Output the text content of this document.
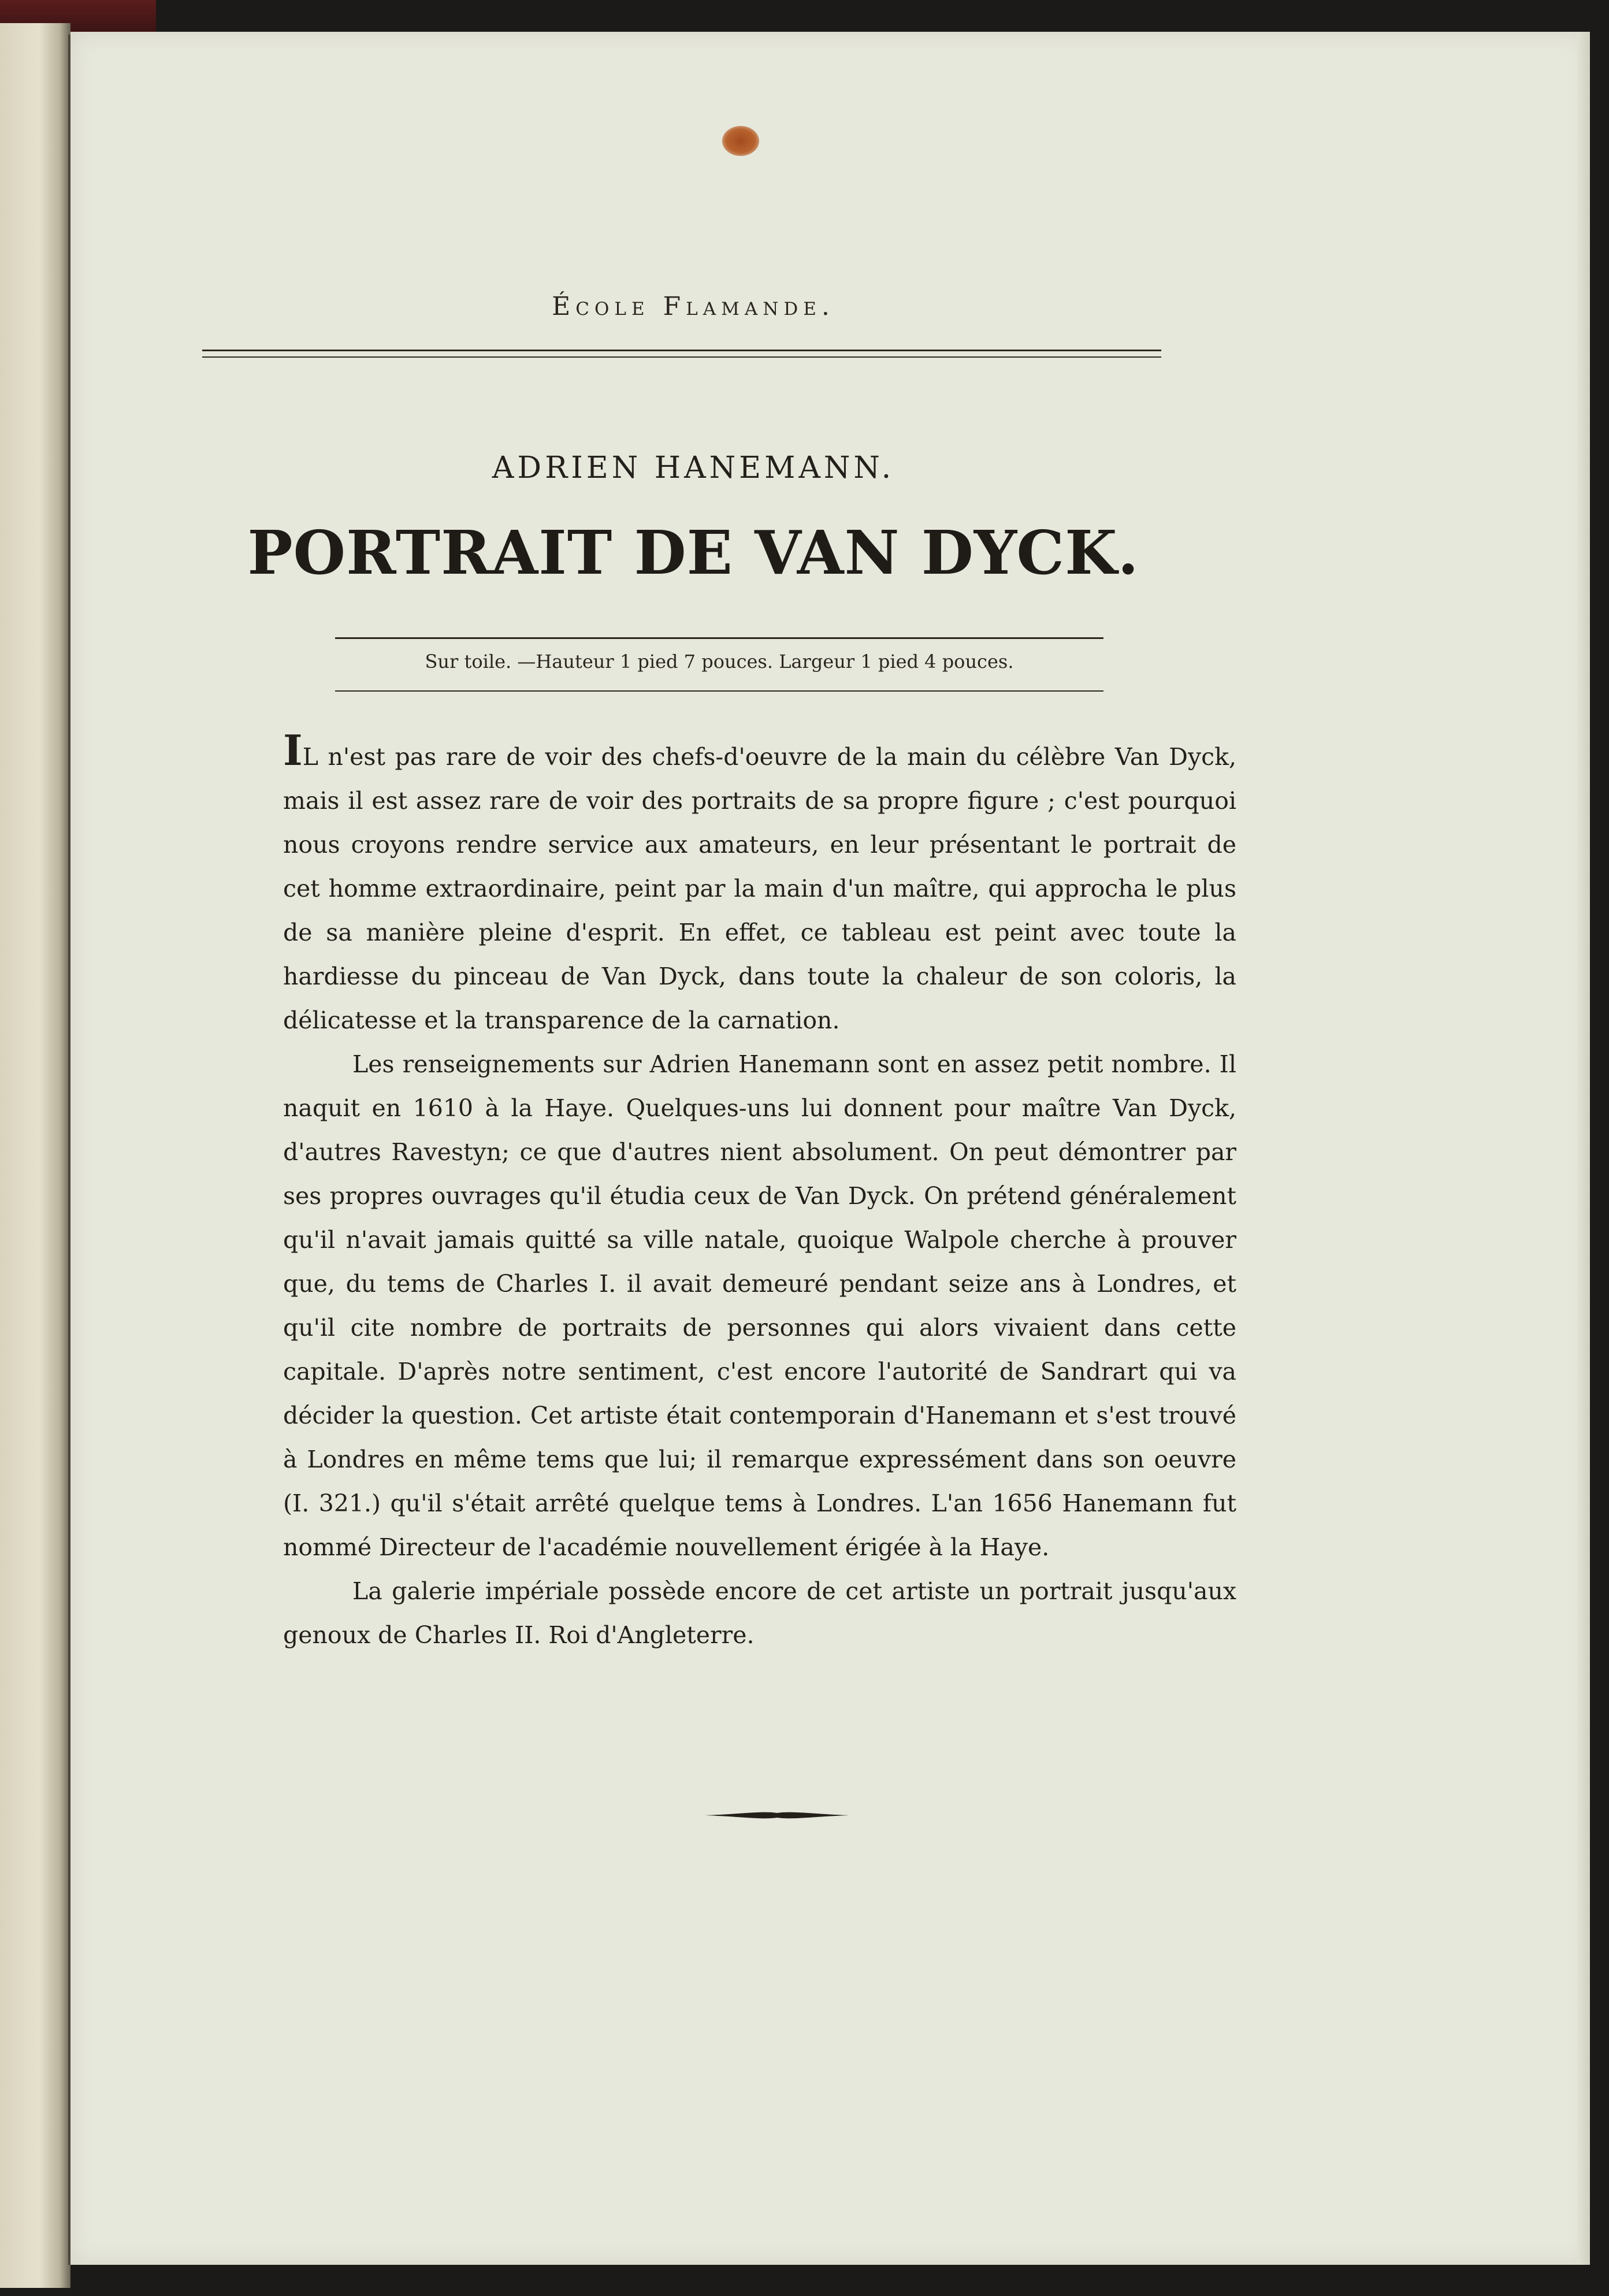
École Flamande.
ADRIEN HANEMANN.
PORTRAIT DE VAN DYCK.
Sur toile. —Hauteur 1 pied 7 pouces. Largeur 1 pied 4 pouces.

IL n'est pas rare de voir des chefs-d'oeuvre de la main du célèbre Van Dyck, mais il est assez rare de voir des portraits de sa propre figure ; c'est pourquoi nous croyons rendre service aux amateurs, en leur présentant le portrait de cet homme extraordinaire, peint par la main d'un maître, qui approcha le plus de sa manière pleine d'esprit. En effet, ce tableau est peint avec toute la hardiesse du pinceau de Van Dyck, dans toute la chaleur de son coloris, la délicatesse et la transparence de la carnation.

Les renseignements sur Adrien Hanemann sont en assez petit nombre. Il naquit en 1610 à la Haye. Quelques-uns lui donnent pour maître Van Dyck, d'autres Ravestyn; ce que d'autres nient absolument. On peut démontrer par ses propres ouvrages qu'il étudia ceux de Van Dyck. On prétend généralement qu'il n'avait jamais quitté sa ville natale, quoique Walpole cherche à prouver que, du tems de Charles I. il avait demeuré pendant seize ans à Londres, et qu'il cite nombre de portraits de personnes qui alors vivaient dans cette capitale. D'après notre sentiment, c'est encore l'autorité de Sandrart qui va décider la question. Cet artiste était contemporain d'Hanemann et s'est trouvé à Londres en même tems que lui; il remarque expressément dans son oeuvre (I. 321.) qu'il s'était arrêté quelque tems à Londres. L'an 1656 Hanemann fut nommé Directeur de l'académie nouvellement érigée à la Haye.

La galerie impériale possède encore de cet artiste un portrait jusqu'aux genoux de Charles II. Roi d'Angleterre.
